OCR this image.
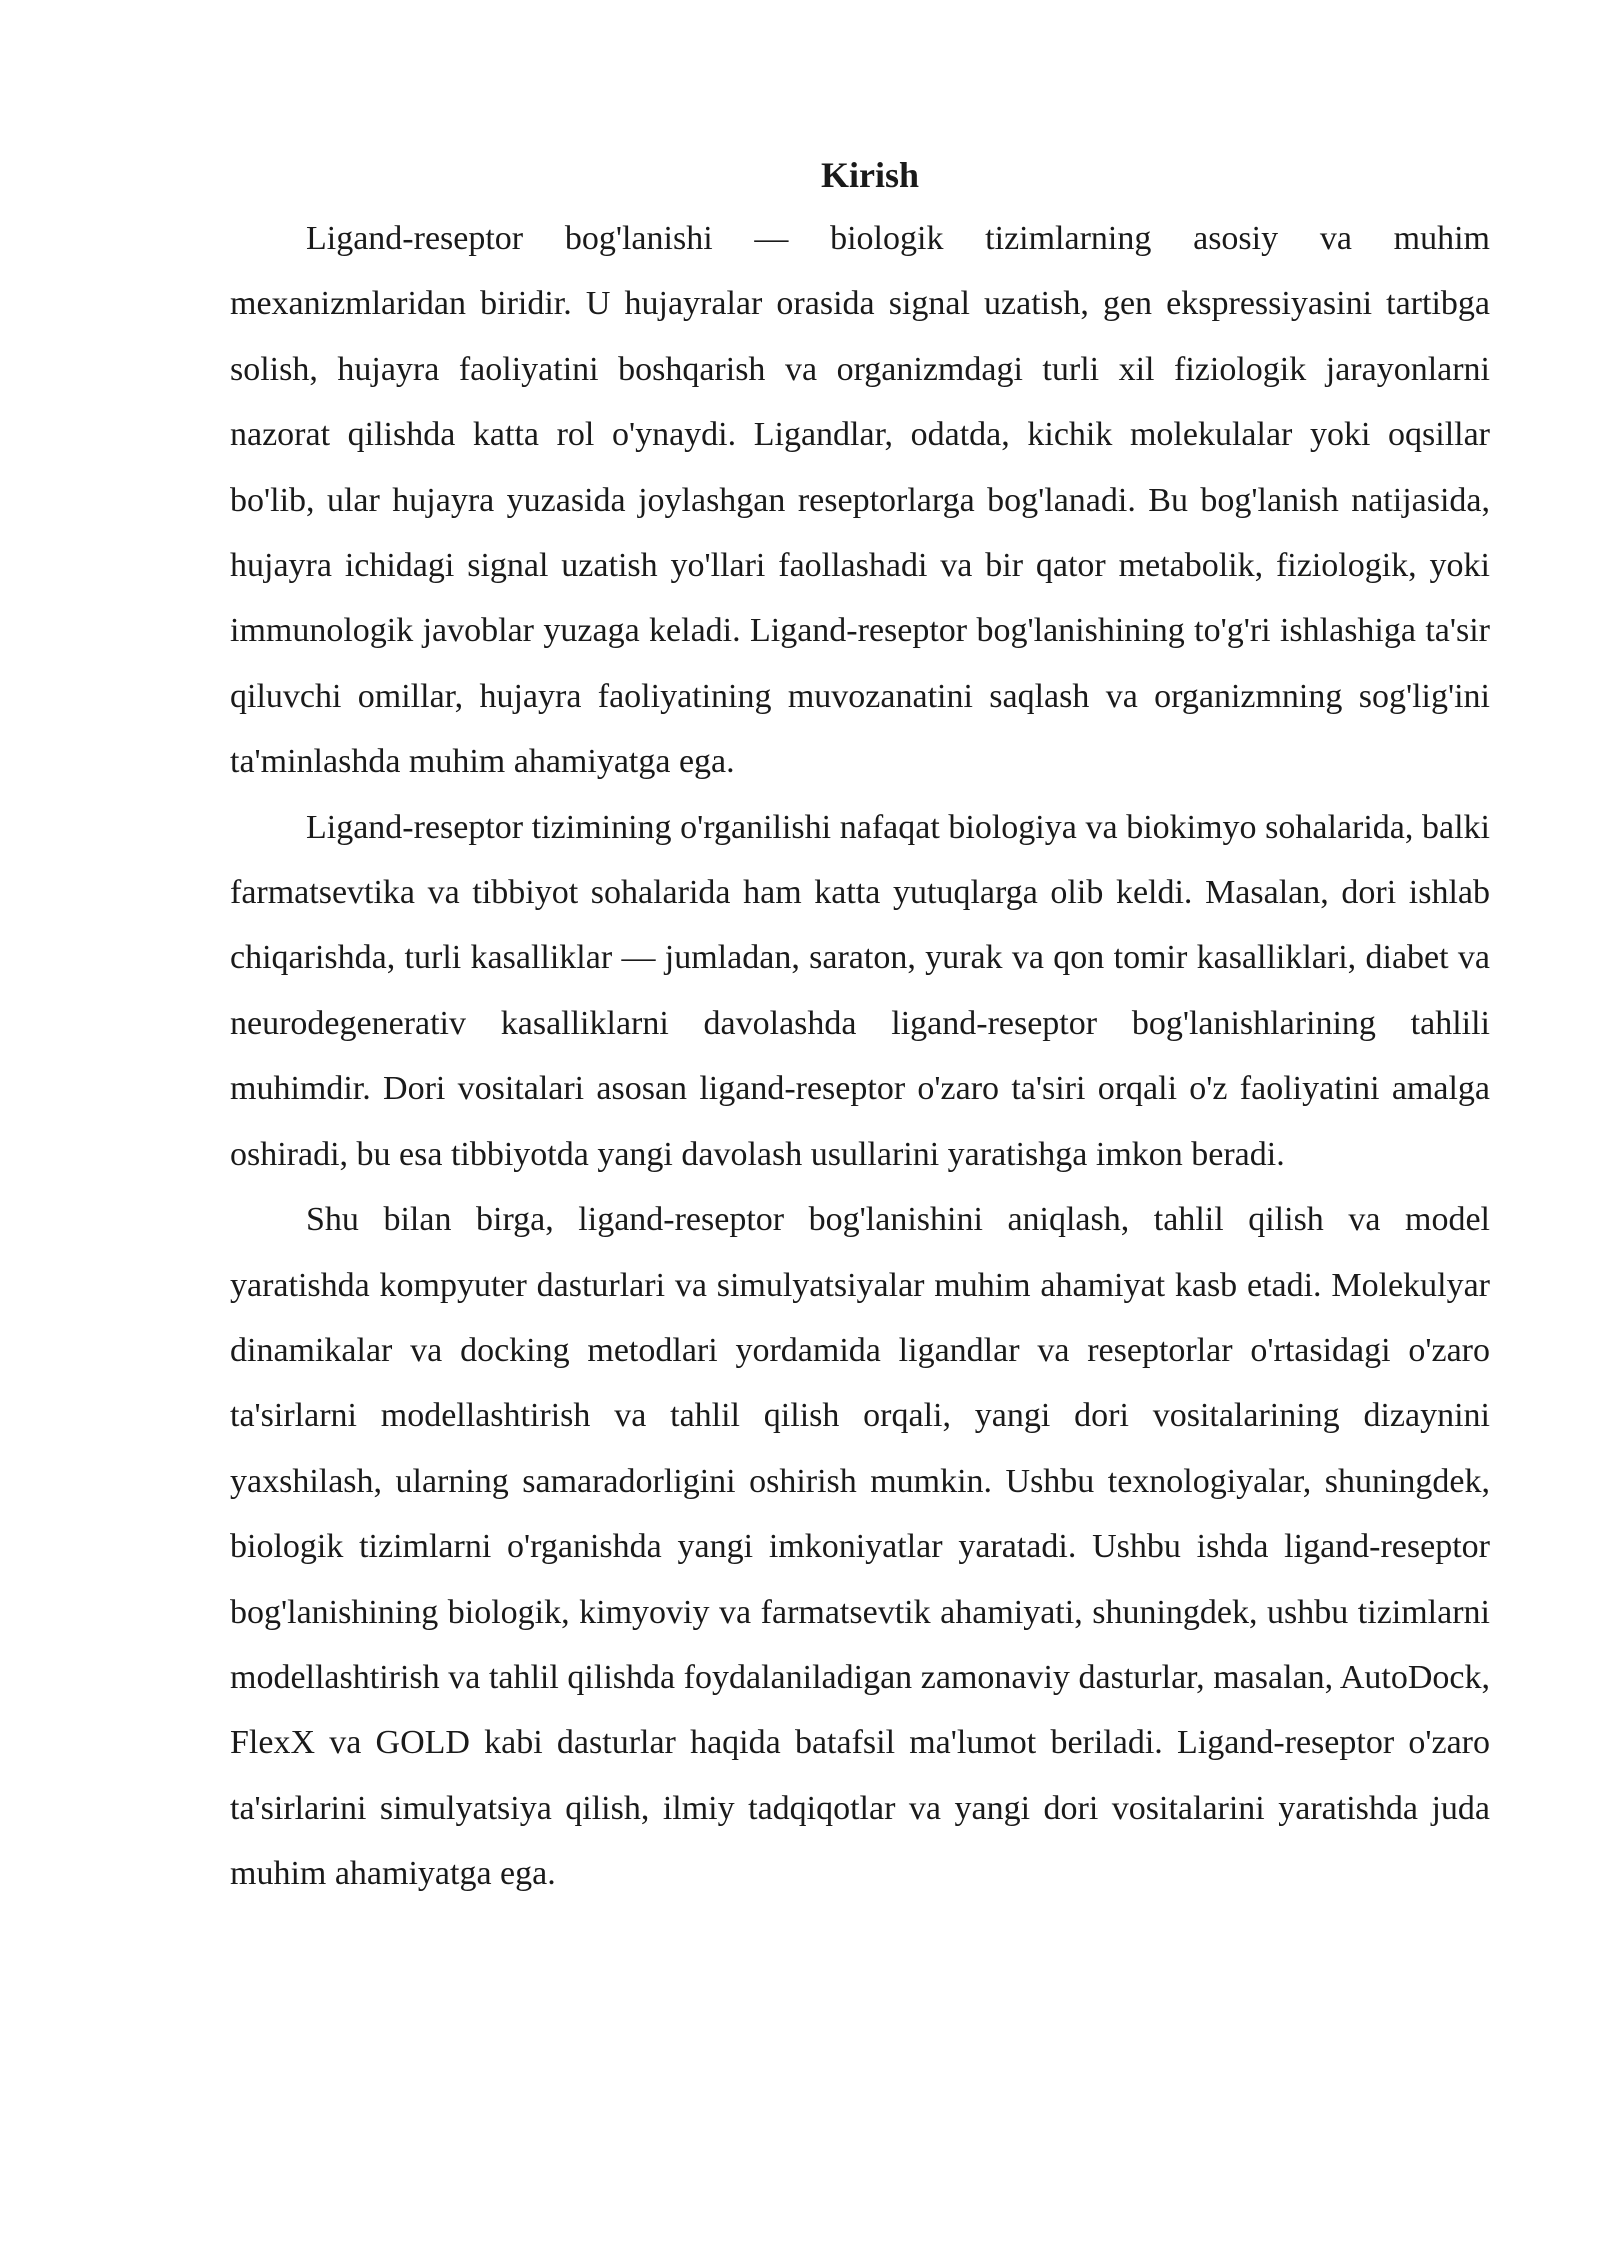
Kirish

Ligand-reseptor bog'lanishi — biologik tizimlarning asosiy va muhim mexanizmlaridan biridir. U hujayralar orasida signal uzatish, gen ekspressiyasini tartibga solish, hujayra faoliyatini boshqarish va organizmdagi turli xil fiziologik jarayonlarni nazorat qilishda katta rol o'ynaydi. Ligandlar, odatda, kichik molekulalar yoki oqsillar bo'lib, ular hujayra yuzasida joylashgan reseptorlarga bog'lanadi. Bu bog'lanish natijasida, hujayra ichidagi signal uzatish yo'llari faollashadi va bir qator metabolik, fiziologik, yoki immunologik javoblar yuzaga keladi. Ligand-reseptor bog'lanishining to'g'ri ishlashiga ta'sir qiluvchi omillar, hujayra faoliyatining muvozanatini saqlash va organizmning sog'lig'ini ta'minlashda muhim ahamiyatga ega.

Ligand-reseptor tizimining o'rganilishi nafaqat biologiya va biokimyo sohalarida, balki farmatsevtika va tibbiyot sohalarida ham katta yutuqlarga olib keldi. Masalan, dori ishlab chiqarishda, turli kasalliklar — jumladan, saraton, yurak va qon tomir kasalliklari, diabet va neurodegenerativ kasalliklarni davolashda ligand-reseptor bog'lanishlarining tahlili muhimdir. Dori vositalari asosan ligand-reseptor o'zaro ta'siri orqali o'z faoliyatini amalga oshiradi, bu esa tibbiyotda yangi davolash usullarini yaratishga imkon beradi.

Shu bilan birga, ligand-reseptor bog'lanishini aniqlash, tahlil qilish va model yaratishda kompyuter dasturlari va simulyatsiyalar muhim ahamiyat kasb etadi. Molekulyar dinamikalar va docking metodlari yordamida ligandlar va reseptorlar o'rtasidagi o'zaro ta'sirlarni modellashtirish va tahlil qilish orqali, yangi dori vositalarining dizaynini yaxshilash, ularning samaradorligini oshirish mumkin. Ushbu texnologiyalar, shuningdek, biologik tizimlarni o'rganishda yangi imkoniyatlar yaratadi. Ushbu ishda ligand-reseptor bog'lanishining biologik, kimyoviy va farmatsevtik ahamiyati, shuningdek, ushbu tizimlarni modellashtirish va tahlil qilishda foydalaniladigan zamonaviy dasturlar, masalan, AutoDock, FlexX va GOLD kabi dasturlar haqida batafsil ma'lumot beriladi. Ligand-reseptor o'zaro ta'sirlarini simulyatsiya qilish, ilmiy tadqiqotlar va yangi dori vositalarini yaratishda juda muhim ahamiyatga ega.
